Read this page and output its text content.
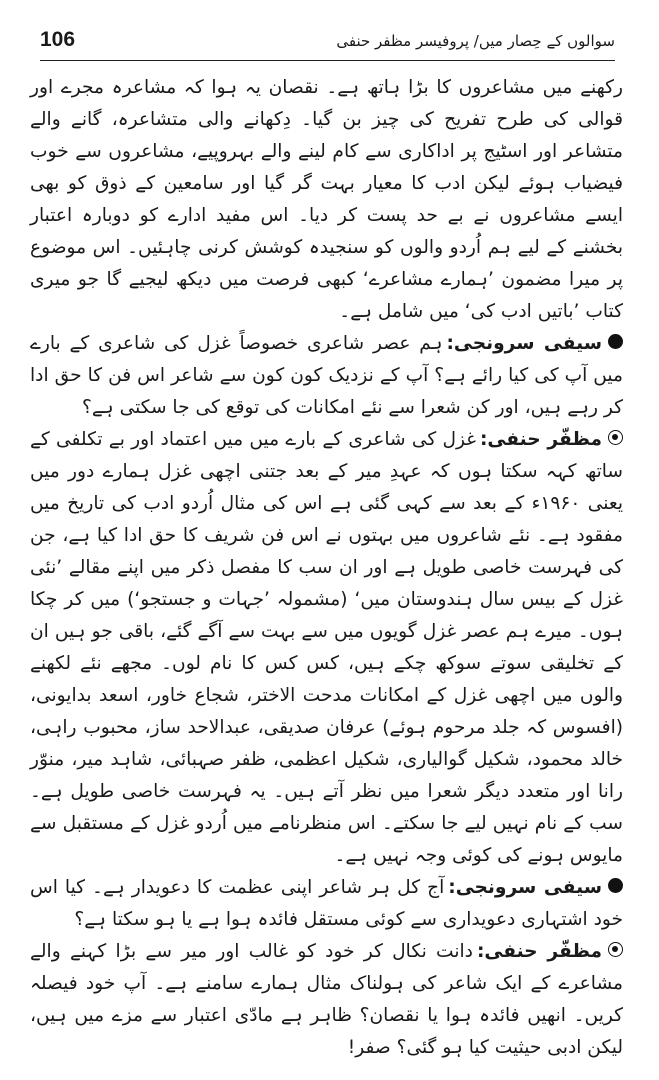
106	سوالوں کے حِصار میں/ پروفیسر مظفر حنفی

رکھنے میں مشاعروں کا بڑا ہاتھ ہے۔ نقصان یہ ہوا کہ مشاعرہ مجرے اور قوالی کی طرح تفریح کی چیز بن گیا۔ دِکھانے والی متشاعرہ، گانے والے متشاعر اور اسٹیج پر اداکاری سے کام لینے والے بہروپیے، مشاعروں سے خوب فیضیاب ہوئے لیکن ادب کا معیار بہت گر گیا اور سامعین کے ذوق کو بھی ایسے مشاعروں نے بے حد پست کر دیا۔ اس مفید ادارے کو دوبارہ اعتبار بخشنے کے لیے ہم اُردو والوں کو سنجیدہ کوشش کرنی چاہئیں۔ اس موضوع پر میرا مضمون ’ہمارے مشاعرے‘ کبھی فرصت میں دیکھ لیجیے گا جو میری کتاب ’باتیں ادب کی‘ میں شامل ہے۔

سیفی سرونجی:ہم عصر شاعری خصوصاً غزل کی شاعری کے بارے میں آپ کی کیا رائے ہے؟ آپ کے نزدیک کون کون سے شاعر اس فن کا حق ادا کر رہے ہیں، اور کن شعرا سے نئے امکانات کی توقع کی جا سکتی ہے؟

مظفّر حنفی:غزل کی شاعری کے بارے میں میں اعتماد اور بے تکلفی کے ساتھ کہہ سکتا ہوں کہ عہدِ میر کے بعد جتنی اچھی غزل ہمارے دور میں یعنی ۱۹۶۰ء کے بعد سے کہی گئی ہے اس کی مثال اُردو ادب کی تاریخ میں مفقود ہے۔ نئے شاعروں میں بہتوں نے اس فن شریف کا حق ادا کیا ہے، جن کی فہرست خاصی طویل ہے اور ان سب کا مفصل ذکر میں اپنے مقالے ’نئی غزل کے بیس سال ہندوستان میں‘ (مشمولہ ’جہات و جستجو‘) میں کر چکا ہوں۔ میرے ہم عصر غزل گویوں میں سے بہت سے آگے گئے، باقی جو ہیں ان کے تخلیقی سوتے سوکھ چکے ہیں، کس کس کا نام لوں۔ مجھے نئے لکھنے والوں میں اچھی غزل کے امکانات مدحت الاختر، شجاع خاور، اسعد بدایونی، (افسوس کہ جلد مرحوم ہوئے) عرفان صدیقی، عبدالاحد ساز، محبوب راہی، خالد محمود، شکیل گوالیاری، شکیل اعظمی، ظفر صہبائی، شاہد میر، منوّر رانا اور متعدد دیگر شعرا میں نظر آتے ہیں۔ یہ فہرست خاصی طویل ہے۔ سب کے نام نہیں لیے جا سکتے۔ اس منظرنامے میں اُردو غزل کے مستقبل سے مایوس ہونے کی کوئی وجہ نہیں ہے۔

سیفی سرونجی:آج کل ہر شاعر اپنی عظمت کا دعویدار ہے۔ کیا اس خود اشتہاری دعویداری سے کوئی مستقل فائدہ ہوا ہے یا ہو سکتا ہے؟

مظفّر حنفی:دانت نکال کر خود کو غالب اور میر سے بڑا کہنے والے مشاعرے کے ایک شاعر کی ہولناک مثال ہمارے سامنے ہے۔ آپ خود فیصلہ کریں۔ انھیں فائدہ ہوا یا نقصان؟ ظاہر ہے مادّی اعتبار سے مزے میں ہیں، لیکن ادبی حیثیت کیا ہو گئی؟ صفر!
